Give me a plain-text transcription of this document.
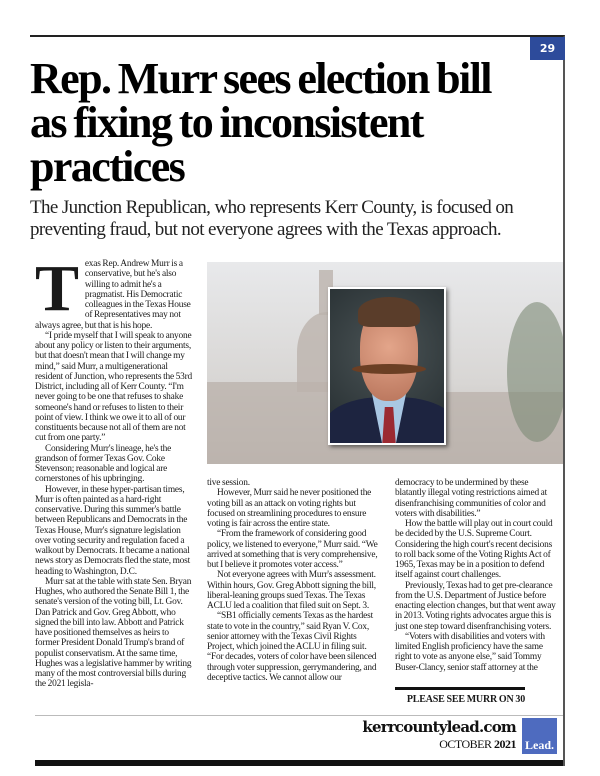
29
Rep. Murr sees election bill as fixing to inconsistent practices
The Junction Republican, who represents Kerr County, is focused on preventing fraud, but not everyone agrees with the Texas approach.

Texas Rep. Andrew Murr is a conservative, but he's also willing to admit he's a pragmatist. His Democratic colleagues in the Texas House of Representatives may not always agree, but that is his hope.

“I pride myself that I will speak to anyone about any policy or listen to their arguments, but that doesn't mean that I will change my mind,” said Murr, a multigenerational resident of Junction, who represents the 53rd District, including all of Kerr County. “I'm never going to be one that refuses to shake someone's hand or refuses to listen to their point of view. I think we owe it to all of our constituents because not all of them are not cut from one party.”

Considering Murr's lineage, he's the grandson of former Texas Gov. Coke Stevenson; reasonable and logical are cornerstones of his upbringing.

However, in these hyper-partisan times, Murr is often painted as a hard-right conservative. During this summer's battle between Republicans and Democrats in the Texas House, Murr's signature legislation over voting security and regulation faced a walkout by Democrats. It became a national news story as Democrats fled the state, most heading to Washington, D.C.

Murr sat at the table with state Sen. Bryan Hughes, who authored the Senate Bill 1, the senate's version of the voting bill, Lt. Gov. Dan Patrick and Gov. Greg Abbott, who signed the bill into law. Abbott and Patrick have positioned themselves as heirs to former President Donald Trump's brand of populist conservatism. At the same time, Hughes was a legislative hammer by writing many of the most controversial bills during the 2021 legisla-

tive session.

However, Murr said he never positioned the voting bill as an attack on voting rights but focused on streamlining procedures to ensure voting is fair across the entire state.

“From the framework of considering good policy, we listened to everyone,” Murr said. “We arrived at something that is very comprehensive, but I believe it promotes voter access.”

Not everyone agrees with Murr's assessment. Within hours, Gov. Greg Abbott signing the bill, liberal-leaning groups sued Texas. The Texas ACLU led a coalition that filed suit on Sept. 3.

“SB1 officially cements Texas as the hardest state to vote in the country,” said Ryan V. Cox, senior attorney with the Texas Civil Rights Project, which joined the ACLU in filing suit. “For decades, voters of color have been silenced through voter suppression, gerrymandering, and deceptive tactics. We cannot allow our

democracy to be undermined by these blatantly illegal voting restrictions aimed at disenfranchising communities of color and voters with disabilities.”

How the battle will play out in court could be decided by the U.S. Supreme Court. Considering the high court's recent decisions to roll back some of the Voting Rights Act of 1965, Texas may be in a position to defend itself against court challenges.

Previously, Texas had to get pre-clearance from the U.S. Department of Justice before enacting election changes, but that went away in 2013. Voting rights advocates argue this is just one step toward disenfranchising voters.

“Voters with disabilities and voters with limited English proficiency have the same right to vote as anyone else,” said Tommy Buser-Clancy, senior staff attorney at the

PLEASE SEE MURR ON 30
kerrcountylead.com
OCTOBER 2021 Lead.
